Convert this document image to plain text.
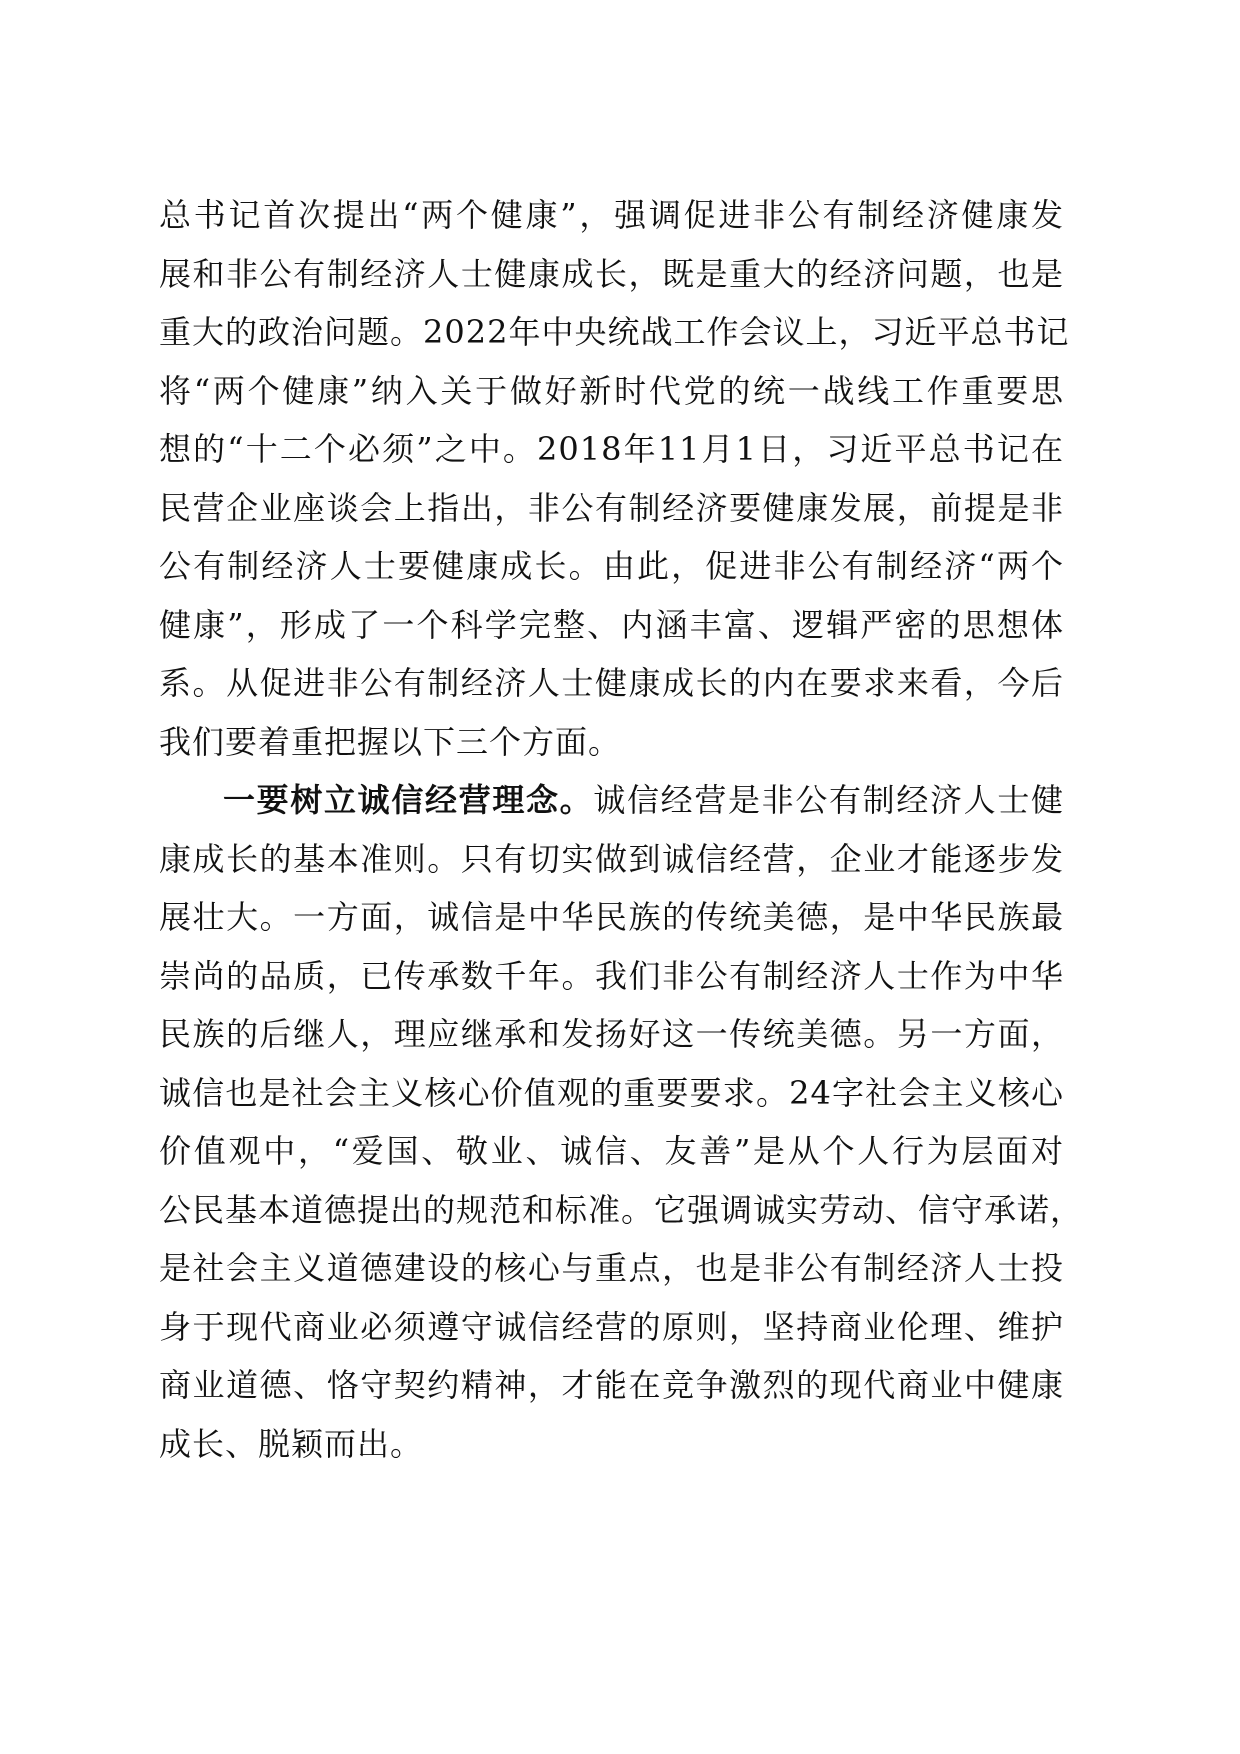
总书记首次提出“两个健康”，强调促进非公有制经济健康发
展和非公有制经济人士健康成长，既是重大的经济问题，也是
重大的政治问题。2022年中央统战工作会议上，习近平总书记
将“两个健康”纳入关于做好新时代党的统一战线工作重要思
想的“十二个必须”之中。2018年11月1日，习近平总书记在
民营企业座谈会上指出，非公有制经济要健康发展，前提是非
公有制经济人士要健康成长。由此，促进非公有制经济“两个
健康”，形成了一个科学完整、内涵丰富、逻辑严密的思想体
系。从促进非公有制经济人士健康成长的内在要求来看，今后
我们要着重把握以下三个方面。
一要树立诚信经营理念。诚信经营是非公有制经济人士健
康成长的基本准则。只有切实做到诚信经营，企业才能逐步发
展壮大。一方面，诚信是中华民族的传统美德，是中华民族最
崇尚的品质，已传承数千年。我们非公有制经济人士作为中华
民族的后继人，理应继承和发扬好这一传统美德。另一方面，
诚信也是社会主义核心价值观的重要要求。24字社会主义核心
价值观中，“爱国、敬业、诚信、友善”是从个人行为层面对
公民基本道德提出的规范和标准。它强调诚实劳动、信守承诺，
是社会主义道德建设的核心与重点，也是非公有制经济人士投
身于现代商业必须遵守诚信经营的原则，坚持商业伦理、维护
商业道德、恪守契约精神，才能在竞争激烈的现代商业中健康
成长、脱颖而出。
